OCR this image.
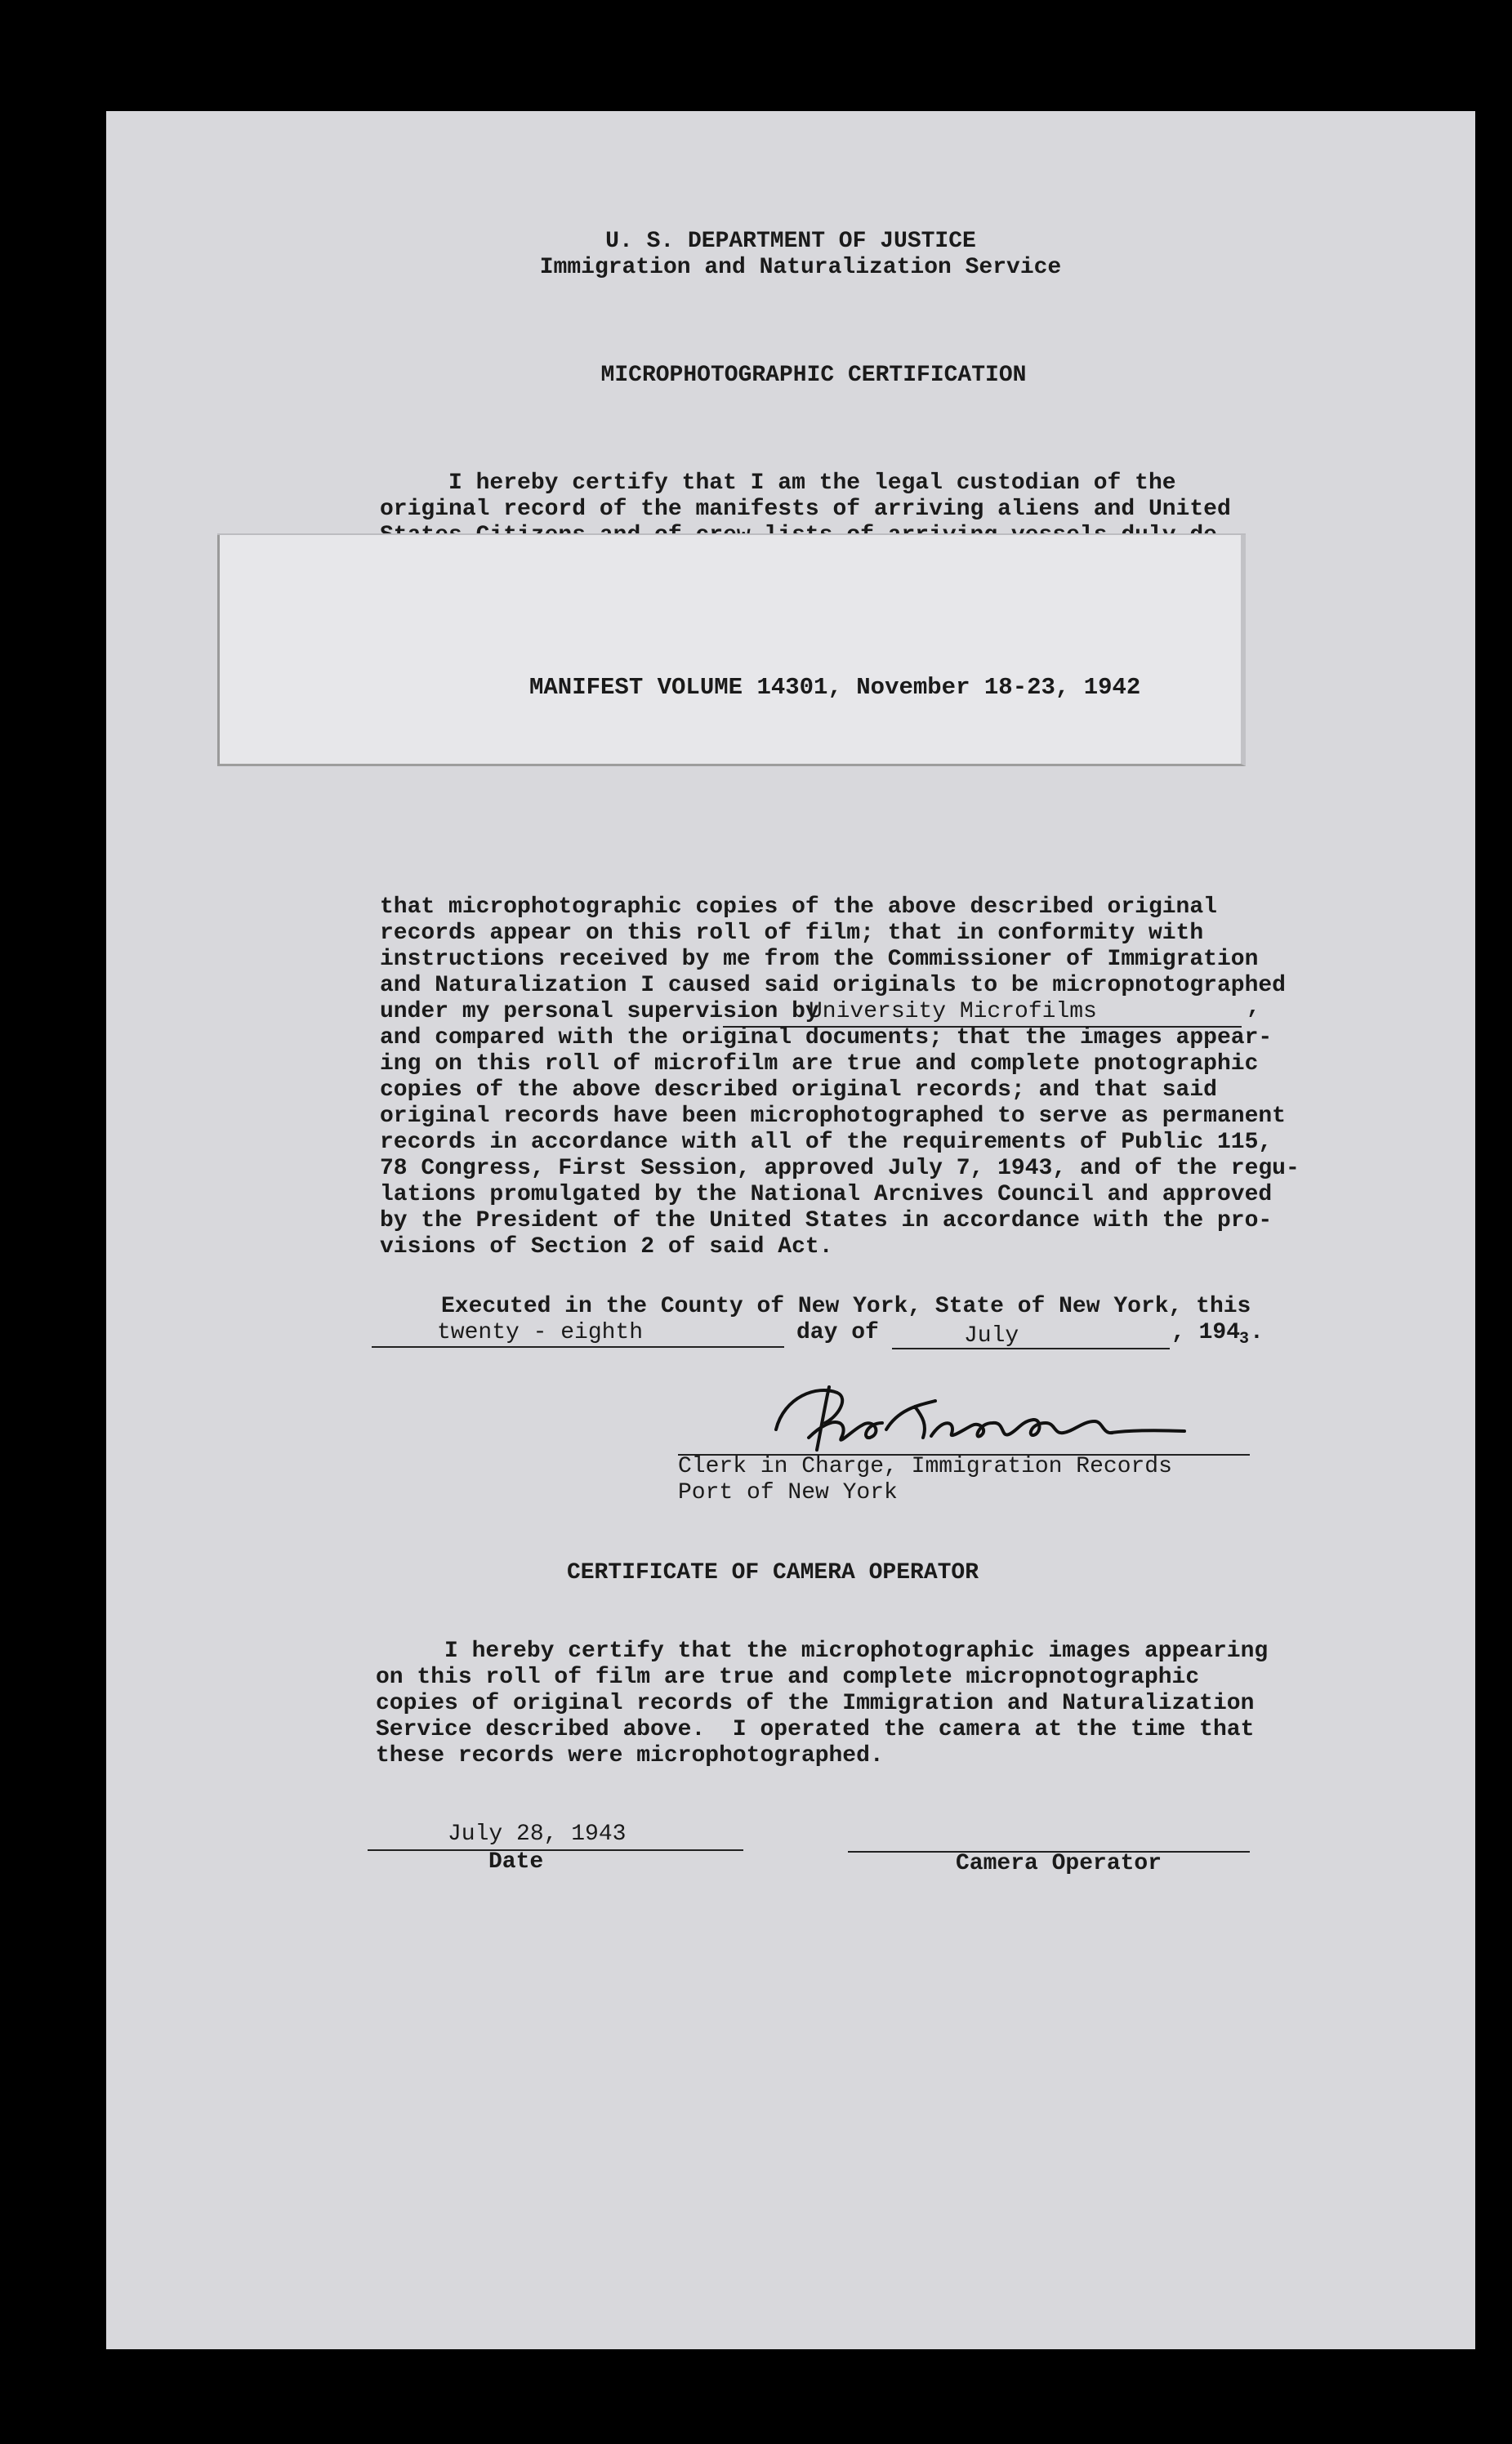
U. S. DEPARTMENT OF JUSTICE
Immigration and Naturalization Service
MICROPHOTOGRAPHIC CERTIFICATION
I hereby certify that I am the legal custodian of the
original record of the manifests of arriving aliens and United
MANIFEST VOLUME 14301, November 18-23, 1942
that microphotographic copies of the above described original
records appear on this roll of film; that in conformity with
instructions received by me from the Commissioner of Immigration
and Naturalization I caused said originals to be micropnotographed
under my personal supervision by
University Microfilms	,
and compared with the original documents; that the images appear-
ing on this roll of microfilm are true and complete pnotographic
copies of the above described original records; and that said
original records have been microphotographed to serve as permanent
records in accordance with all of the requirements of Public 115,
78 Congress, First Session, approved July 7, 1943, and of the regu-
lations promulgated by the National Arcnives Council and approved
by the President of the United States in accordance with the pro-
visions of Section 2 of said Act.
Executed in the County of New York, State of New York, this
twenty - eighth	day of	July	, 194
3 .
Clerk in Charge, Immigration Records
Port of New York
CERTIFICATE OF CAMERA OPERATOR
I hereby certify that the microphotographic images appearing
on this roll of film are true and complete micropnotographic
copies of original records of the Immigration and Naturalization
Service described above.  I operated the camera at the time that
these records were microphotographed.
July 28, 1943
Date	Camera Operator
